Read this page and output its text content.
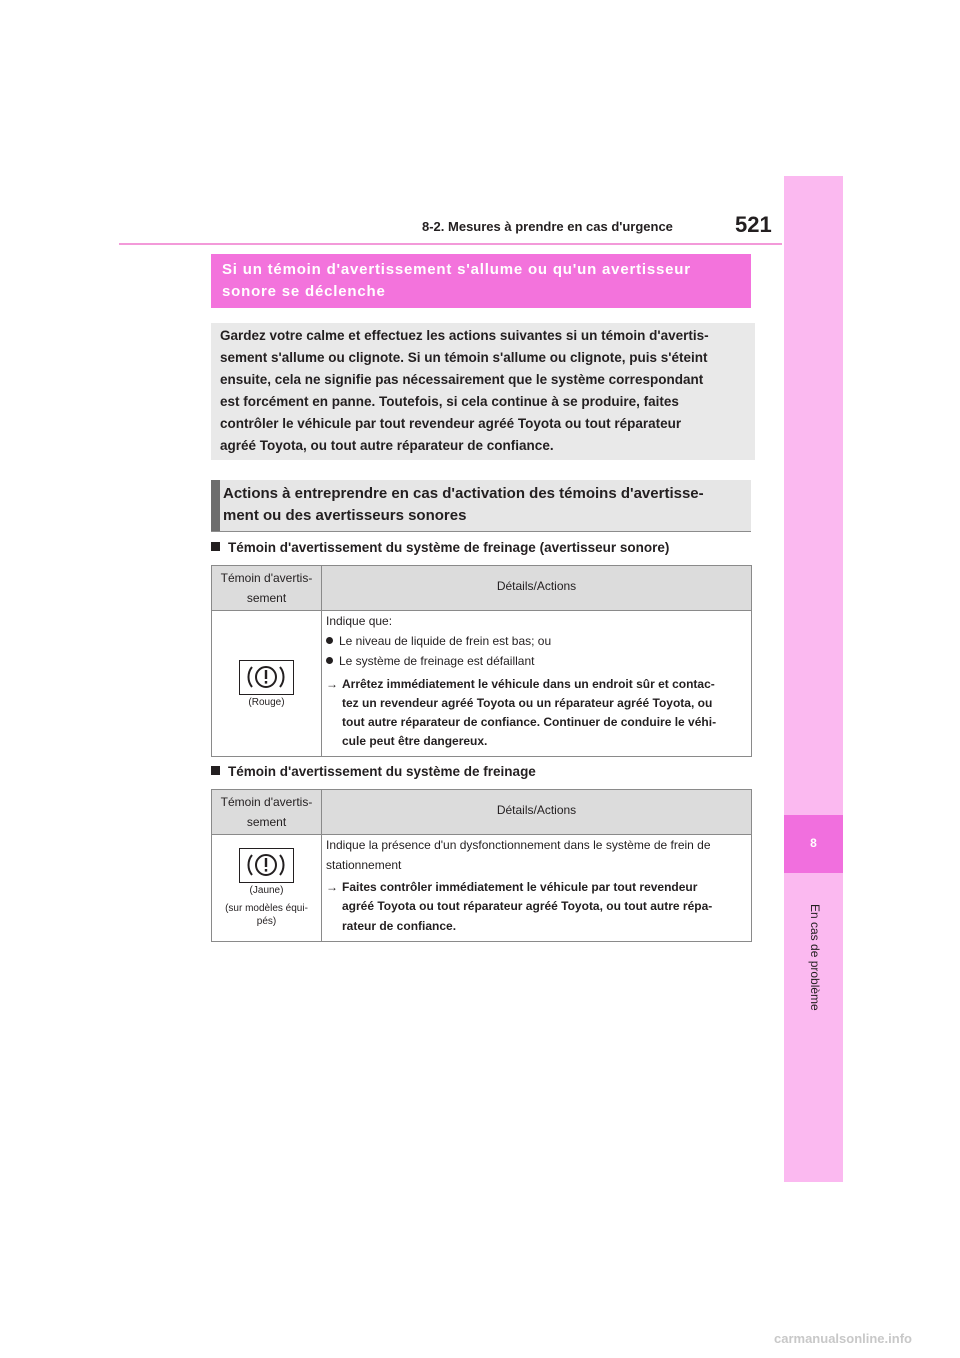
8-2. Mesures à prendre en cas d'urgence	521
8
En cas de problème
Si un témoin d'avertissement s'allume ou qu'un avertisseur
sonore se déclenche
Gardez votre calme et effectuez les actions suivantes si un témoin d'avertis-
sement s'allume ou clignote. Si un témoin s'allume ou clignote, puis s'éteint
ensuite, cela ne signifie pas nécessairement que le système correspondant
est forcément en panne. Toutefois, si cela continue à se produire, faites
contrôler le véhicule par tout revendeur agréé Toyota ou tout réparateur
agréé Toyota, ou tout autre réparateur de confiance.
Actions à entreprendre en cas d'activation des témoins d'avertisse-
ment ou des avertisseurs sonores
Témoin d'avertissement du système de freinage (avertisseur sonore)
Témoin d'avertis-
sement
Détails/Actions
(Rouge)
Indique que:
Le niveau de liquide de frein est bas; ou
Le système de freinage est défaillant
→ Arrêtez immédiatement le véhicule dans un endroit sûr et contac-
tez un revendeur agréé Toyota ou un réparateur agréé Toyota, ou
tout autre réparateur de confiance. Continuer de conduire le véhi-
cule peut être dangereux.
Témoin d'avertissement du système de freinage
Témoin d'avertis-
sement
Détails/Actions
(Jaune)
(sur modèles équi-
pés)
Indique la présence d'un dysfonctionnement dans le système de frein de
stationnement
→ Faites contrôler immédiatement le véhicule par tout revendeur
agréé Toyota ou tout réparateur agréé Toyota, ou tout autre répa-
rateur de confiance.
carmanualsonline.info
